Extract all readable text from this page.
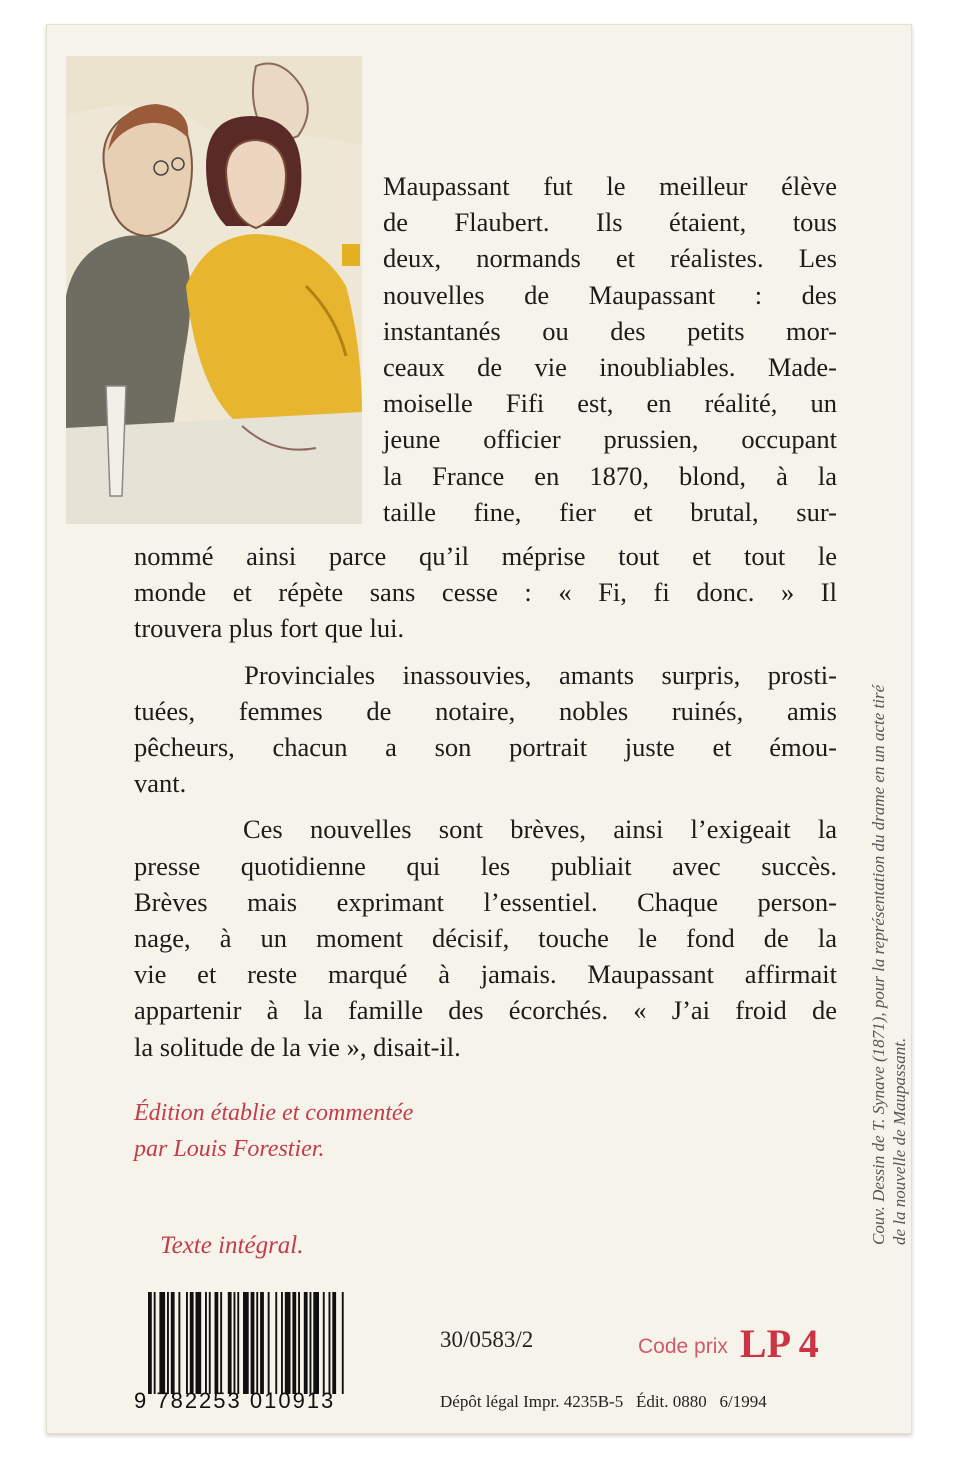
Maupassant fut le meilleur élève
de Flaubert. Ils étaient, tous
deux, normands et réalistes. Les
nouvelles de Maupassant : des
instantanés ou des petits mor-
ceaux de vie inoubliables. Made-
moiselle Fifi est, en réalité, un
jeune officier prussien, occupant
la France en 1870, blond, à la
taille fine, fier et brutal, sur-
nommé ainsi parce qu’il méprise tout et tout le
monde et répète sans cesse : « Fi, fi donc. » Il
trouvera plus fort que lui.
Provinciales inassouvies, amants surpris, prosti-
tuées, femmes de notaire, nobles ruinés, amis
pêcheurs, chacun a son portrait juste et émou-
vant.
Ces nouvelles sont brèves, ainsi l’exigeait la
presse quotidienne qui les publiait avec succès.
Brèves mais exprimant l’essentiel. Chaque person-
nage, à un moment décisif, touche le fond de la
vie et reste marqué à jamais. Maupassant affirmait
appartenir à la famille des écorchés. « J’ai froid de
la solitude de la vie », disait-il.
Édition établie et commentée
par Louis Forestier.
Texte intégral.
9 782253 010913
30/0583/2	Code prix LP 4
Dépôt légal Impr. 4235B-5   Édit. 0880   6/1994
Couv. Dessin de T. Synave (1871), pour la représentation du drame en un acte tiré de la nouvelle de Maupassant.
